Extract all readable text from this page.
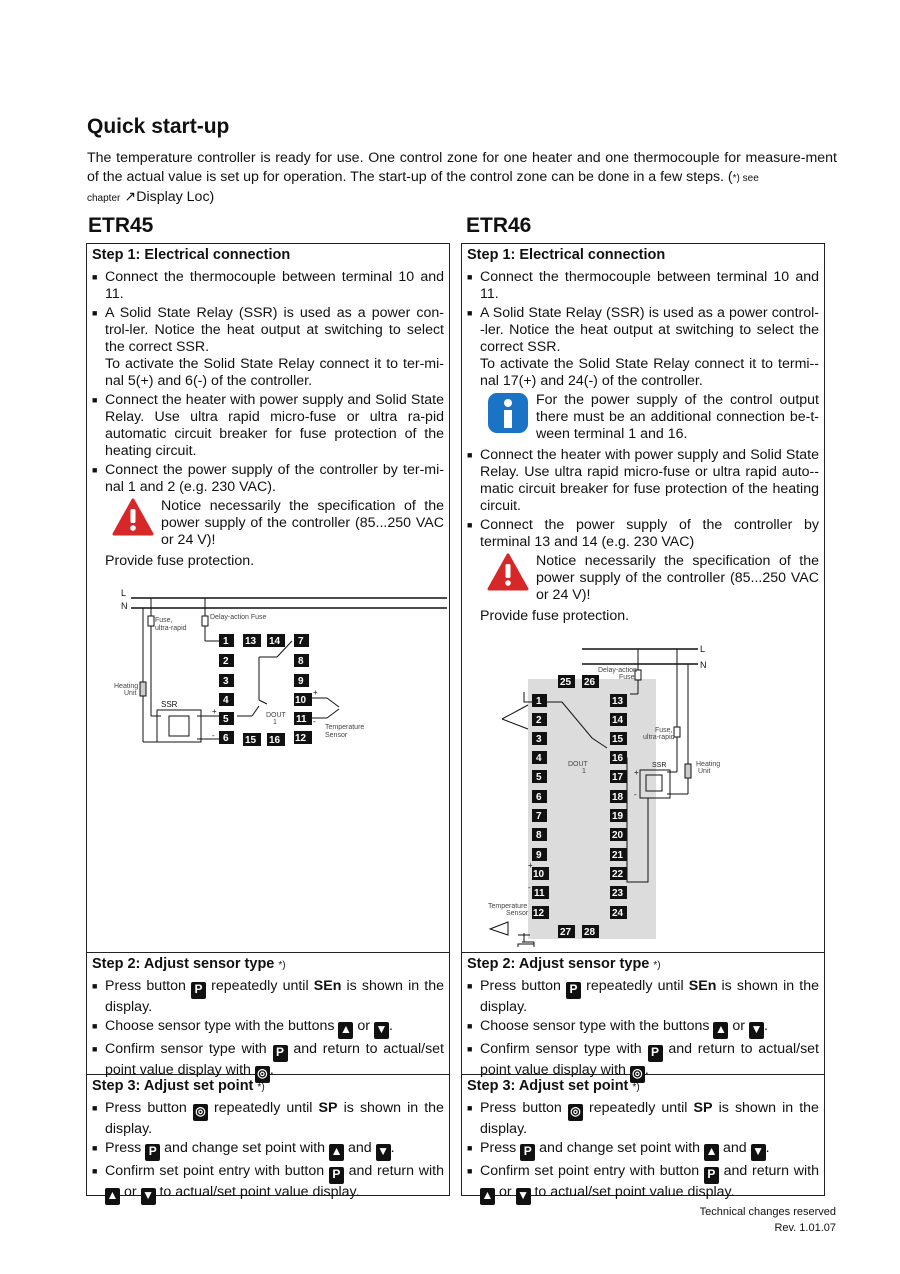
Quick start-up
The temperature controller is ready for use. One control zone for one heater and one thermocouple for measure-ment of the actual value is set up for operation. The start-up of the control zone can be done in a few steps. (*) see
chapter ↗Display Loc)
ETR45	ETR46
Step 1: Electrical connection
■ Connect the thermocouple between terminal 10 and 11.
■ A Solid State Relay (SSR) is used as a power con-trol-ler. Notice the heat output at switching to select the correct SSR.
To activate the Solid State Relay connect it to ter-mi-nal 5(+) and 6(-) of the controller.
■ Connect the heater with power supply and Solid State Relay. Use ultra rapid micro-fuse or ultra ra-pid automatic circuit breaker for fuse protection of the heating circuit.
■ Connect the power supply of the controller by ter-mi-nal 1 and 2 (e.g. 230 VAC).
Notice necessarily the specification of the power supply of the controller (85...250 VAC or 24 V)!
Provide fuse protection.
L
N
Fuse,
ultra-rapid
Delay-action Fuse
Heating
Unit
SSR
DOUT
1
Temperature
Sensor
1
2
3
4
5
6
13 14
15 16
7
8
9
10
11
12
+
-
+
-
Step 2: Adjust sensor type *)
■ Press button P repeatedly until SEn is shown in the display.
■ Choose sensor type with the buttons ▲ or ▼ .
■ Confirm sensor type with P and return to actual/set point value display with ◎ .
Step 3: Adjust set point *)
■ Press button ◎ repeatedly until SP is shown in the display.
■ Press P and change set point with ▲ and ▼ .
■ Confirm set point entry with button P and return with ▲ or ▼ to actual/set point value display.
Step 1: Electrical connection
■ Connect the thermocouple between terminal 10 and 11.
■ A Solid State Relay (SSR) is used as a power control--ler. Notice the heat output at switching to select the correct SSR.
To activate the Solid State Relay connect it to termi--nal 17(+) and 24(-) of the controller.
For the power supply of the control output there must be an additional connection be-t-ween terminal 1 and 16.
■ Connect the heater with power supply and Solid State Relay. Use ultra rapid micro-fuse or ultra rapid auto--matic circuit breaker for fuse protection of the heating circuit.
■ Connect the power supply of the controller by terminal 13 and 14 (e.g. 230 VAC)
Notice necessarily the specification of the power supply of the controller (85...250 VAC or 24 V)!
Provide fuse protection.
L
N
Delay-action
Fuse
Fuse,
ultra-rapid
SSR	Heating
Unit
DOUT
1
Temperature
Sensor
25 26
1
2
3
4
5
6
7
8
9
10
11
12
13
14
15
16
17
18
19
20
21
22
23
24
27 28
+
-
+
-
Step 2: Adjust sensor type *)
■ Press button P repeatedly until SEn is shown in the display.
■ Choose sensor type with the buttons ▲ or ▼ .
■ Confirm sensor type with P and return to actual/set point value display with ◎ .
Step 3: Adjust set point *)
■ Press button ◎ repeatedly until SP is shown in the display.
■ Press P and change set point with ▲ and ▼ .
■ Confirm set point entry with button P and return with ▲ or ▼ to actual/set point value display.
Technical changes reserved
Rev. 1.01.07
